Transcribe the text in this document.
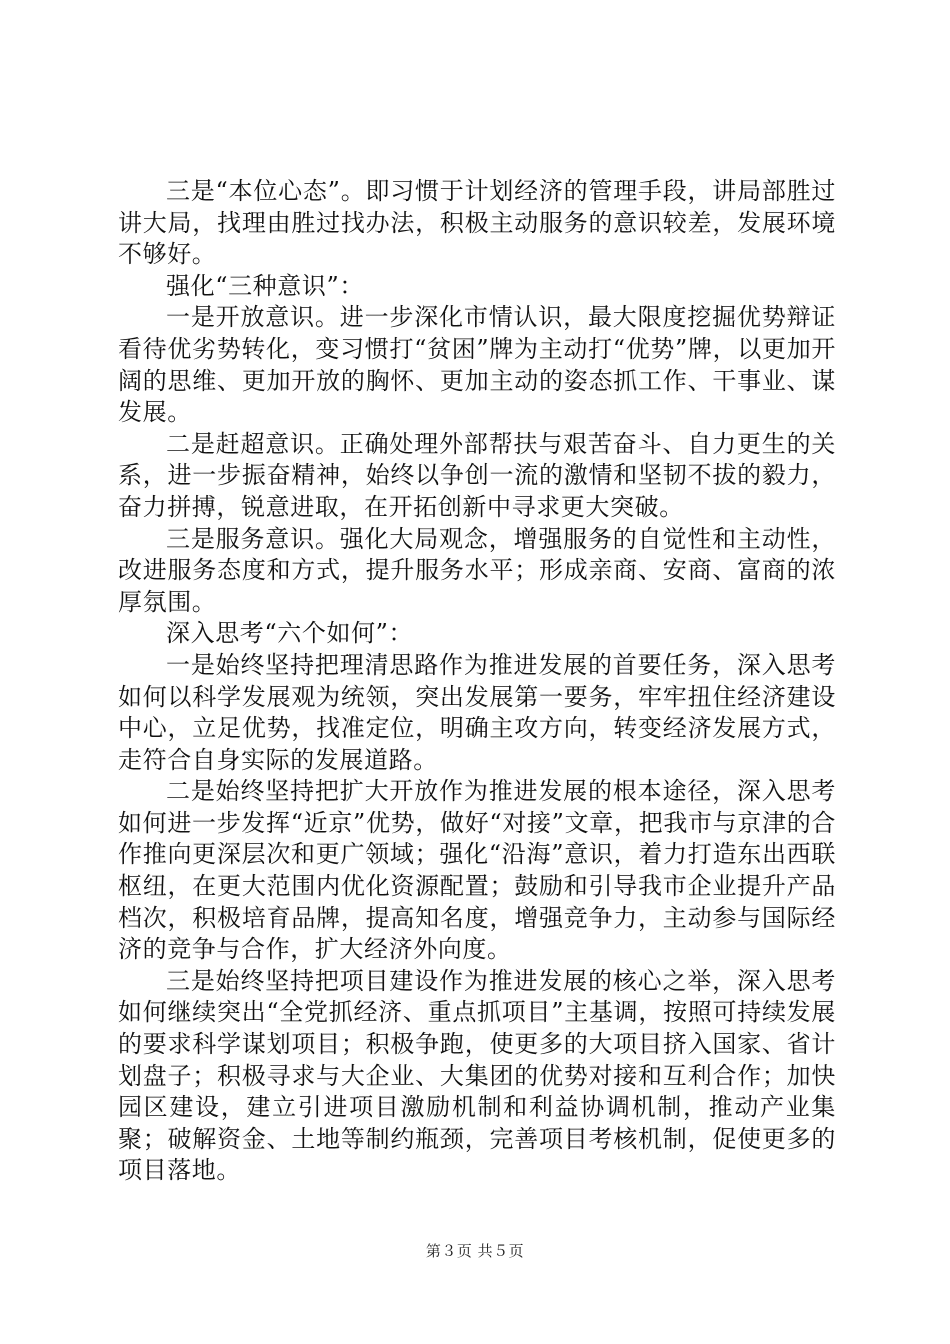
三是“本位心态”。即习惯于计划经济的管理手段，讲局部胜过讲大局，找理由胜过找办法，积极主动服务的意识较差，发展环境不够好。

强化“三种意识”：

一是开放意识。进一步深化市情认识，最大限度挖掘优势辩证看待优劣势转化，变习惯打“贫困”牌为主动打“优势”牌，以更加开阔的思维、更加开放的胸怀、更加主动的姿态抓工作、干事业、谋发展。

二是赶超意识。正确处理外部帮扶与艰苦奋斗、自力更生的关系，进一步振奋精神，始终以争创一流的激情和坚韧不拔的毅力，奋力拼搏，锐意进取，在开拓创新中寻求更大突破。

三是服务意识。强化大局观念，增强服务的自觉性和主动性，改进服务态度和方式，提升服务水平；形成亲商、安商、富商的浓厚氛围。

深入思考“六个如何”：

一是始终坚持把理清思路作为推进发展的首要任务，深入思考如何以科学发展观为统领，突出发展第一要务，牢牢扭住经济建设中心，立足优势，找准定位，明确主攻方向，转变经济发展方式，走符合自身实际的发展道路。

二是始终坚持把扩大开放作为推进发展的根本途径，深入思考如何进一步发挥“近京”优势，做好“对接”文章，把我市与京津的合作推向更深层次和更广领域；强化“沿海”意识，着力打造东出西联枢纽，在更大范围内优化资源配置；鼓励和引导我市企业提升产品档次，积极培育品牌，提高知名度，增强竞争力，主动参与国际经济的竞争与合作，扩大经济外向度。

三是始终坚持把项目建设作为推进发展的核心之举，深入思考如何继续突出“全党抓经济、重点抓项目”主基调，按照可持续发展的要求科学谋划项目；积极争跑，使更多的大项目挤入国家、省计划盘子；积极寻求与大企业、大集团的优势对接和互利合作；加快园区建设，建立引进项目激励机制和利益协调机制，推动产业集聚；破解资金、土地等制约瓶颈，完善项目考核机制，促使更多的项目落地。

第３页 共５页
